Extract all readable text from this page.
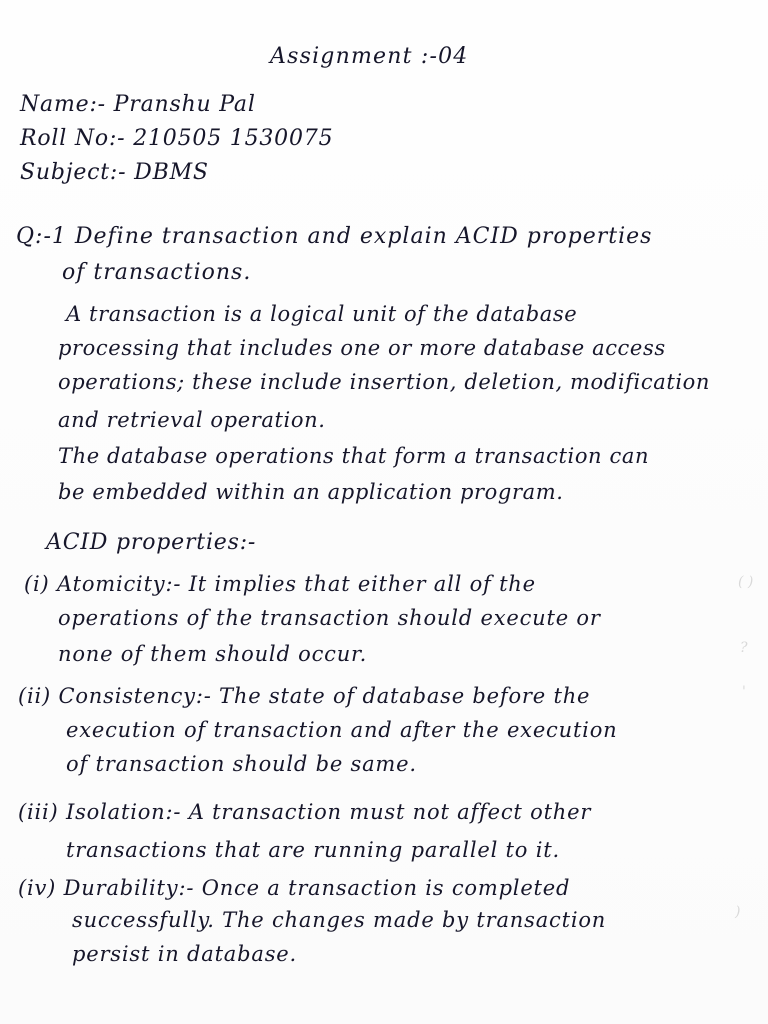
( )
?
'
)
Assignment :-04
Name:- Pranshu Pal
Roll No:- 210505 1530075
Subject:- DBMS
Q:-1 Define transaction and explain ACID properties
of transactions.
A transaction is a logical unit of the database
processing that includes one or more database access
operations; these include insertion, deletion, modification
and retrieval operation.
The database operations that form a transaction can
be embedded within an application program.
ACID properties:-
(i) Atomicity:- It implies that either all of the
operations of the transaction should execute or
none of them should occur.
(ii) Consistency:- The state of database before the
execution of transaction and after the execution
of transaction should be same.
(iii) Isolation:- A transaction must not affect other
transactions that are running parallel to it.
(iv) Durability:- Once a transaction is completed
successfully. The changes made by transaction
persist in database.
